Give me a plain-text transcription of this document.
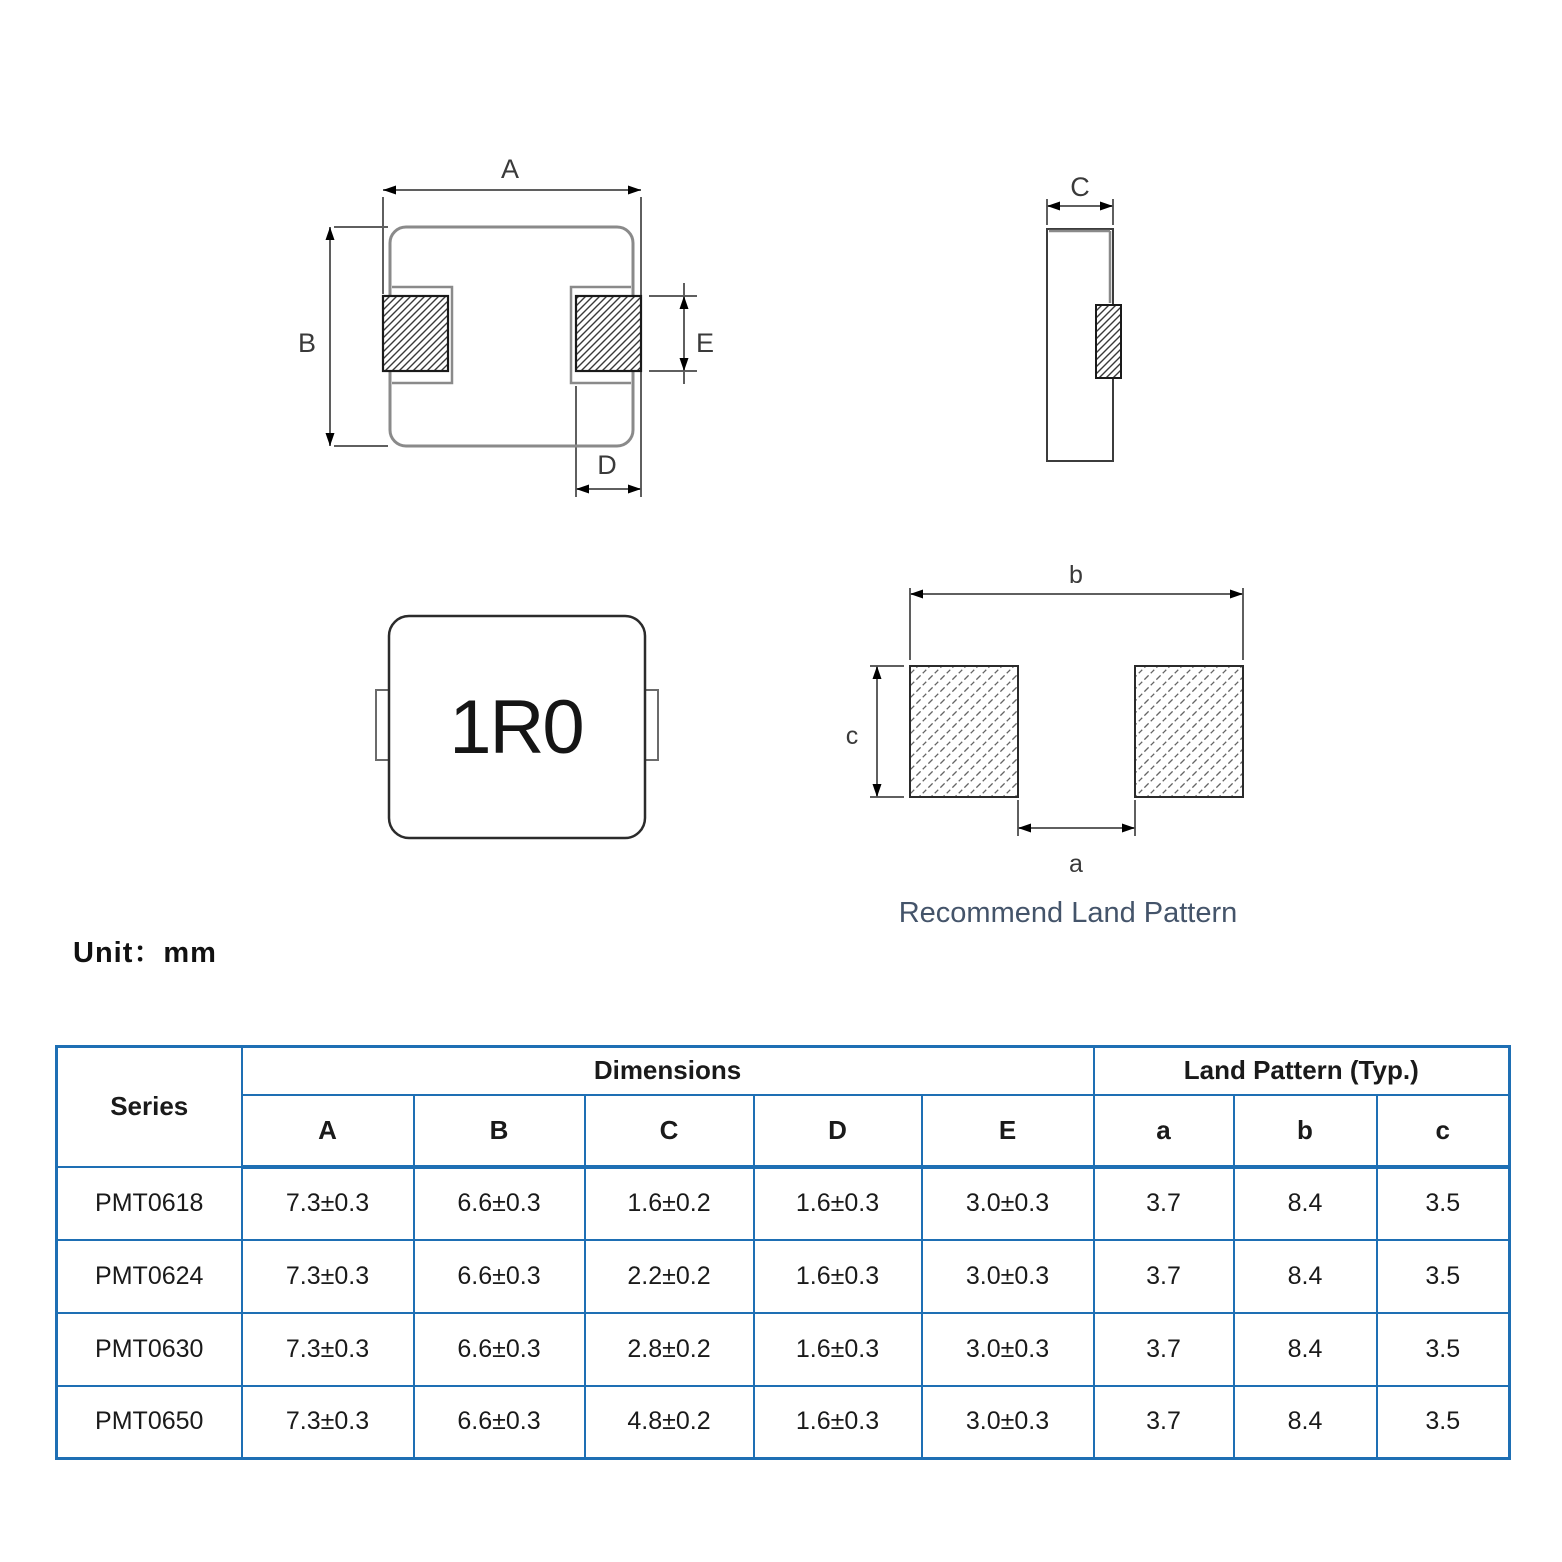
A
B
D
E
C
1R0
b
c
a
Recommend Land Pattern
Unit：mm
Series	Dimensions					Land Pattern (Typ.)		
	A	B	C	D	E	a	b	c
PMT0618	7.3±0.3	6.6±0.3	1.6±0.2	1.6±0.3	3.0±0.3	3.7	8.4	3.5
PMT0624	7.3±0.3	6.6±0.3	2.2±0.2	1.6±0.3	3.0±0.3	3.7	8.4	3.5
PMT0630	7.3±0.3	6.6±0.3	2.8±0.2	1.6±0.3	3.0±0.3	3.7	8.4	3.5
PMT0650	7.3±0.3	6.6±0.3	4.8±0.2	1.6±0.3	3.0±0.3	3.7	8.4	3.5
